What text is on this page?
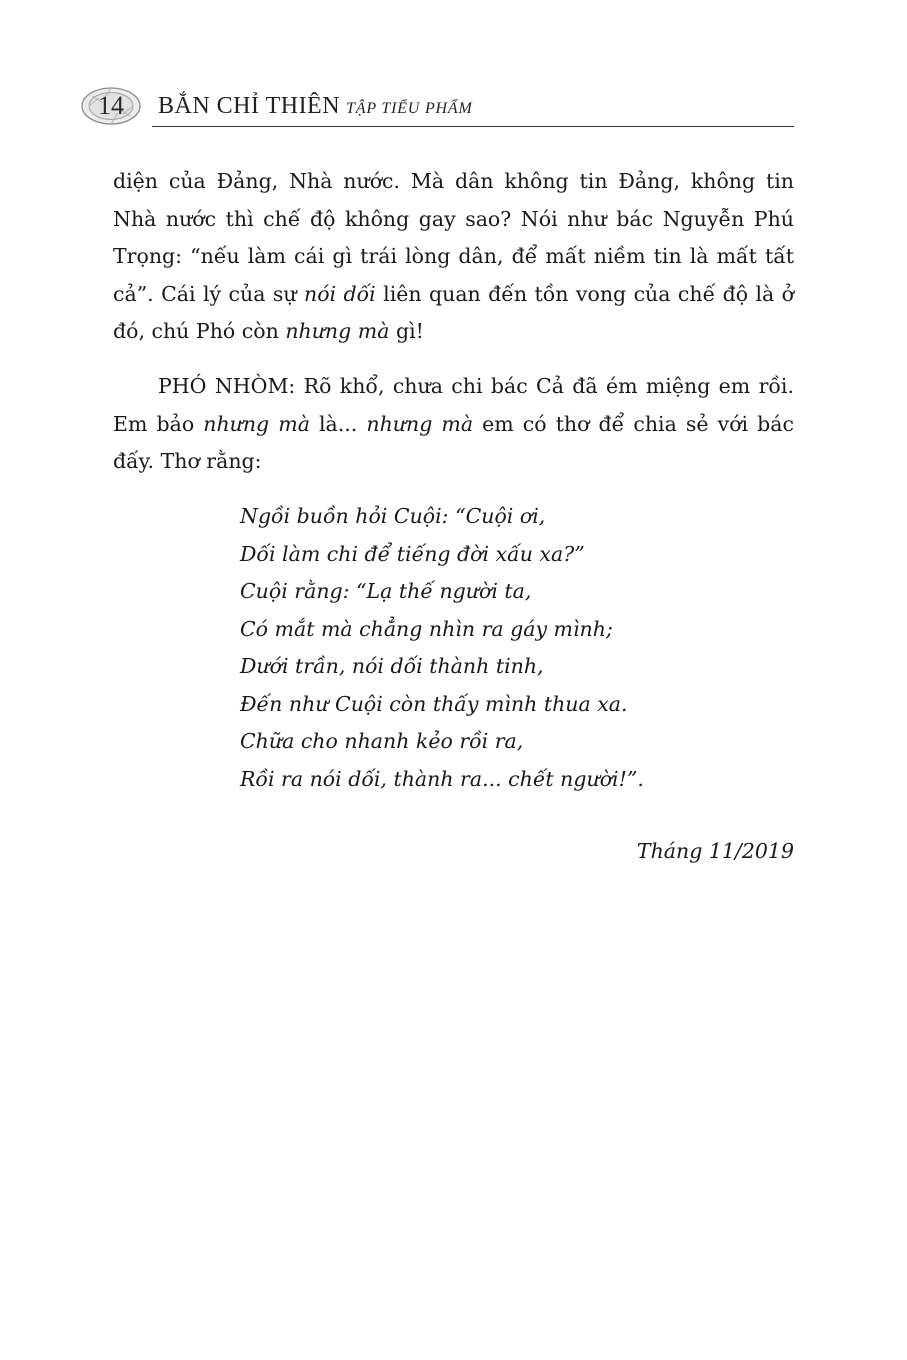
14	BẮN CHỈ THIÊN TẬP TIỂU PHẨM

diện của Đảng, Nhà nước. Mà dân không tin Đảng, không tin Nhà nước thì chế độ không gay sao? Nói như bác Nguyễn Phú Trọng: “nếu làm cái gì trái lòng dân, để mất niềm tin là mất tất cả”. Cái lý của sự nói dối liên quan đến tồn vong của chế độ là ở đó, chú Phó còn nhưng mà gì!

PHÓ NHÒM: Rõ khổ, chưa chi bác Cả đã ém miệng em rồi. Em bảo nhưng mà là... nhưng mà em có thơ để chia sẻ với bác đấy. Thơ rằng:

Ngồi buồn hỏi Cuội: “Cuội ơi,
Dối làm chi để tiếng đời xấu xa?”
Cuội rằng: “Lạ thế người ta,
Có mắt mà chẳng nhìn ra gáy mình;
Dưới trần, nói dối thành tinh,
Đến như Cuội còn thấy mình thua xa.
Chữa cho nhanh kẻo rồi ra,
Rồi ra nói dối, thành ra... chết người!”.
Tháng 11/2019
